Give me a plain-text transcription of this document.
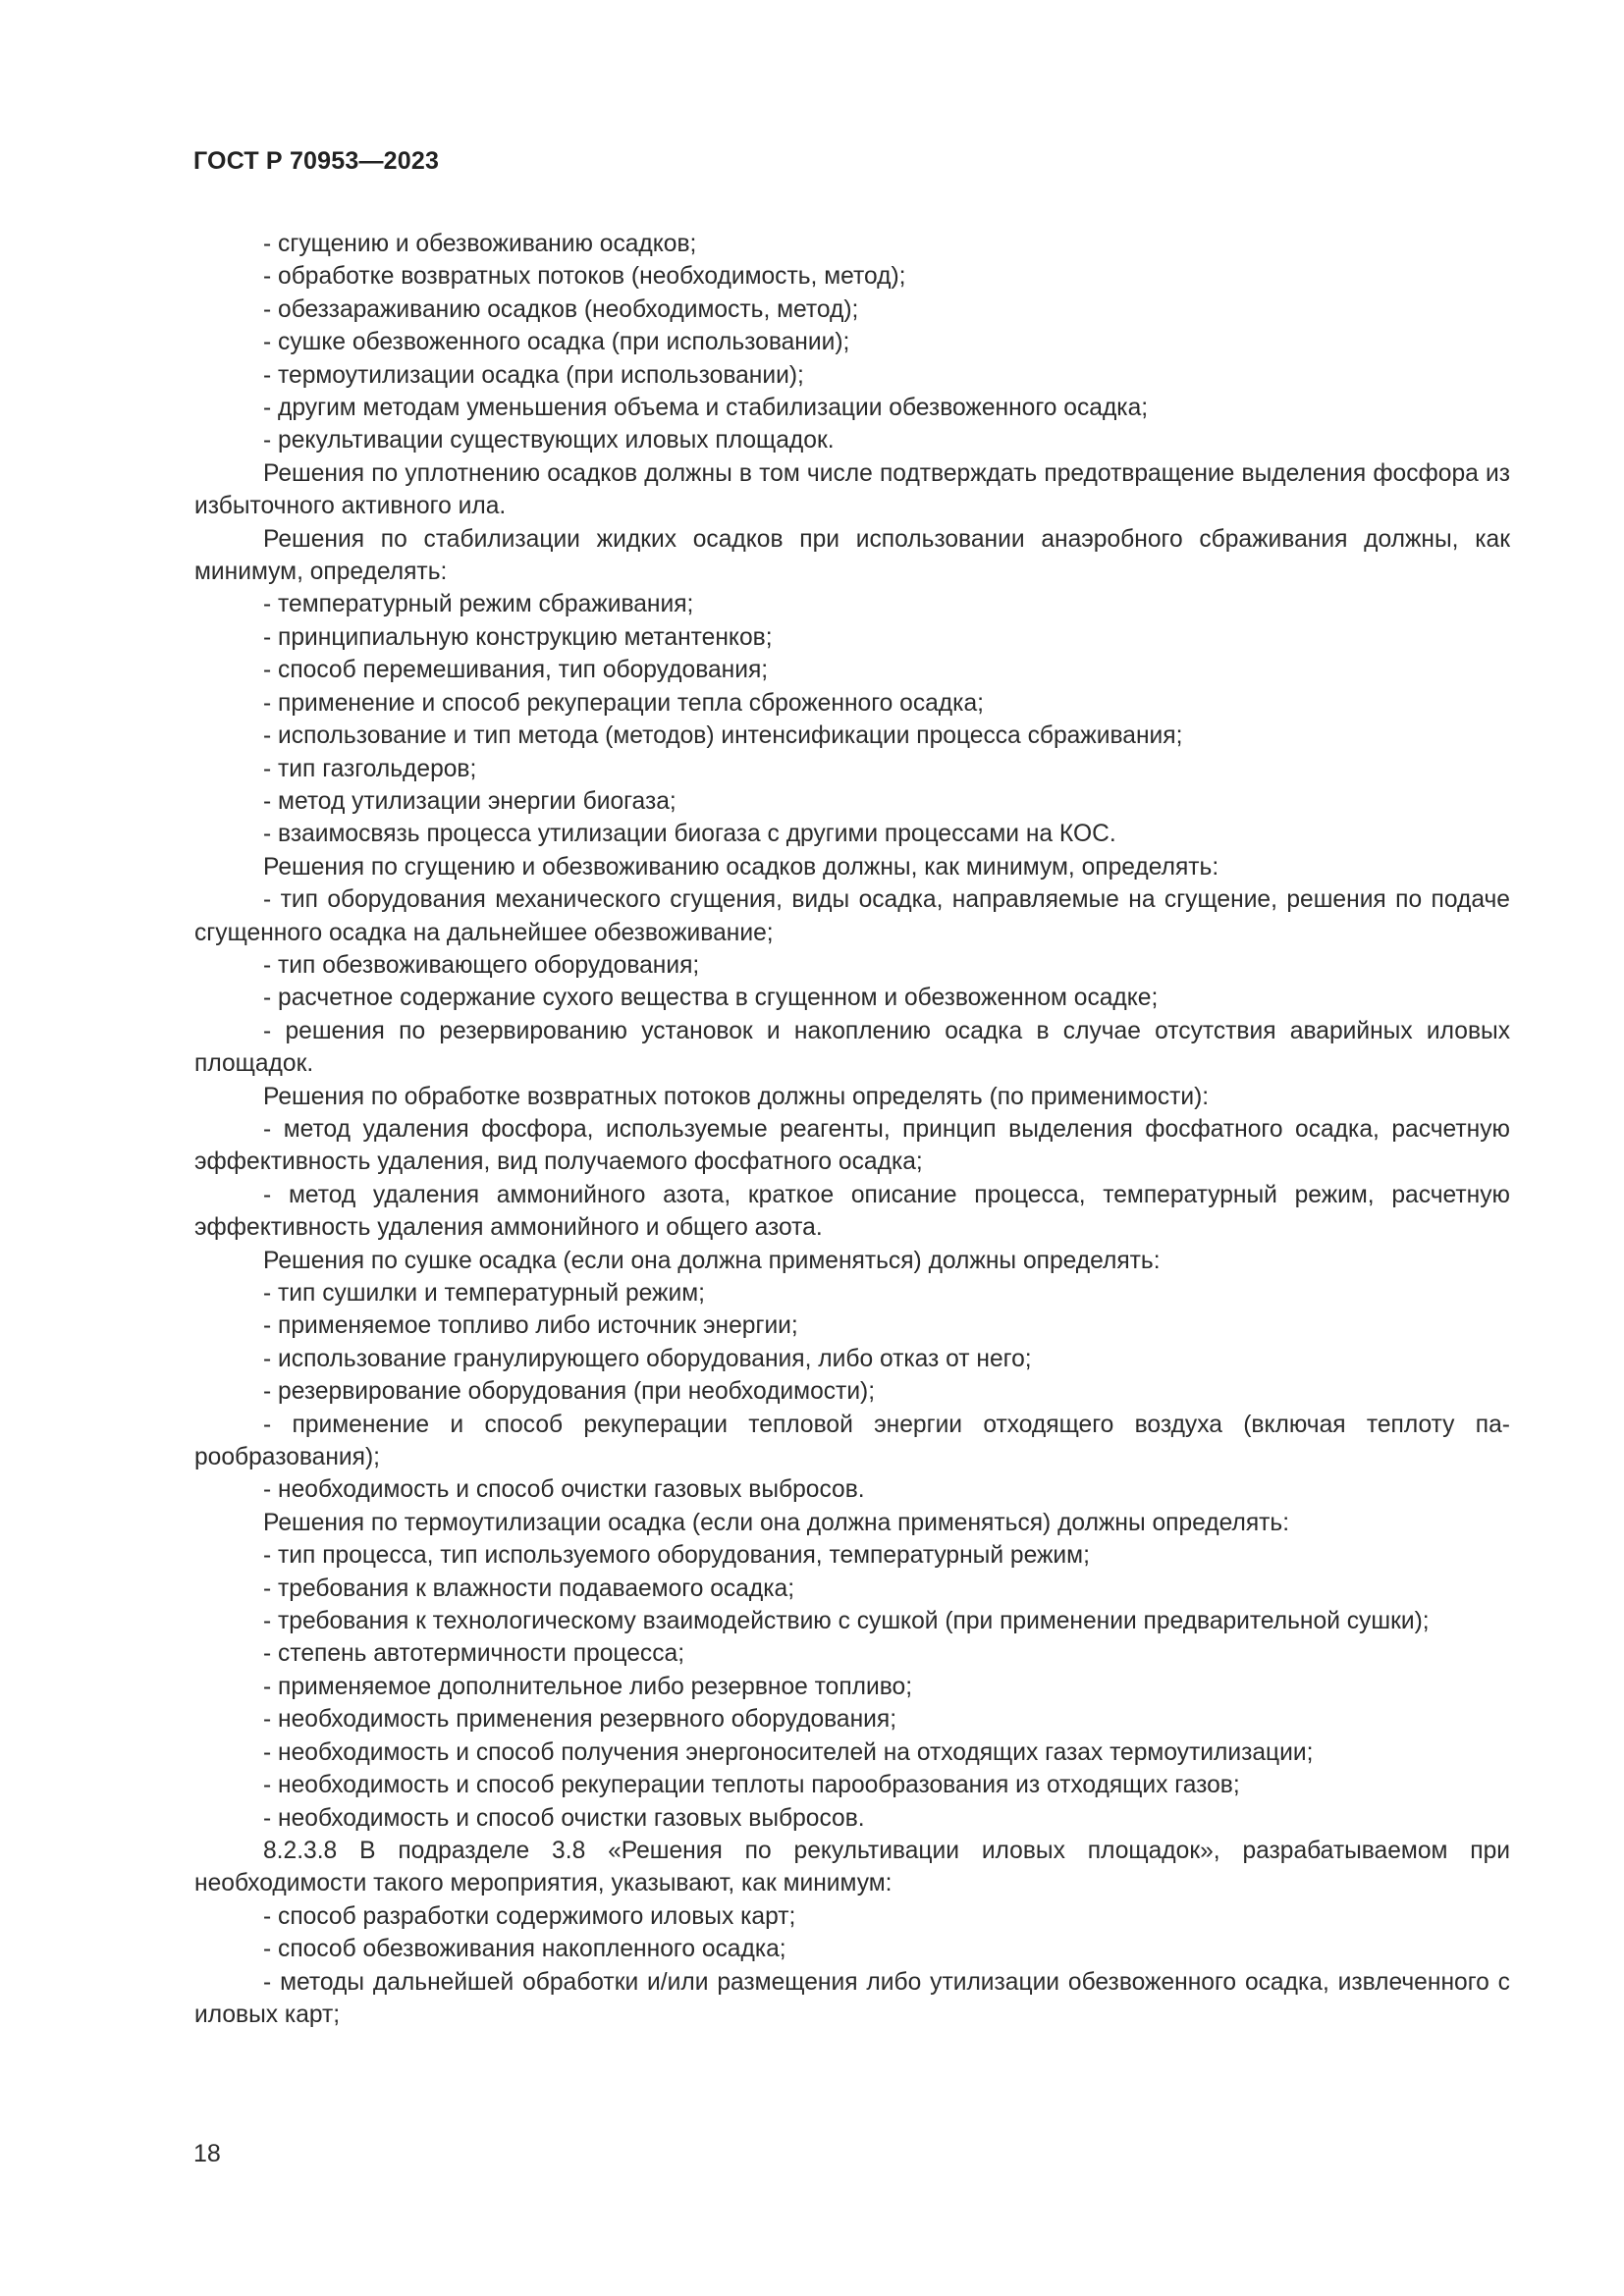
ГОСТ Р 70953—2023

- сгущению и обезвоживанию осадков;

- обработке возвратных потоков (необходимость, метод);

- обеззараживанию осадков (необходимость, метод);

- сушке обезвоженного осадка (при использовании);

- термоутилизации осадка (при использовании);

- другим методам уменьшения объема и стабилизации обезвоженного осадка;

- рекультивации существующих иловых площадок.

Решения по уплотнению осадков должны в том числе подтверждать предотвращение выделения фосфора из избыточного активного ила.

Решения по стабилизации жидких осадков при использовании анаэробного сбраживания должны, как минимум, определять:

- температурный режим сбраживания;

- принципиальную конструкцию метантенков;

- способ перемешивания, тип оборудования;

- применение и способ рекуперации тепла сброженного осадка;

- использование и тип метода (методов) интенсификации процесса сбраживания;

- тип газгольдеров;

- метод утилизации энергии биогаза;

- взаимосвязь процесса утилизации биогаза с другими процессами на КОС.

Решения по сгущению и обезвоживанию осадков должны, как минимум, определять:

- тип оборудования механического сгущения, виды осадка, направляемые на сгущение, решения по подаче сгущенного осадка на дальнейшее обезвоживание;

- тип обезвоживающего оборудования;

- расчетное содержание сухого вещества в сгущенном и обезвоженном осадке;

- решения по резервированию установок и накоплению осадка в случае отсутствия аварийных иловых площадок.

Решения по обработке возвратных потоков должны определять (по применимости):

- метод удаления фосфора, используемые реагенты, принцип выделения фосфатного осадка, расчетную эффективность удаления, вид получаемого фосфатного осадка;

- метод удаления аммонийного азота, краткое описание процесса, температурный режим, расчетную эффективность удаления аммонийного и общего азота.

Решения по сушке осадка (если она должна применяться) должны определять:

- тип сушилки и температурный режим;

- применяемое топливо либо источник энергии;

- использование гранулирующего оборудования, либо отказ от него;

- резервирование оборудования (при необходимости);

- применение и способ рекуперации тепловой энергии отходящего воздуха (включая теплоту парообразования);

- необходимость и способ очистки газовых выбросов.

Решения по термоутилизации осадка (если она должна применяться) должны определять:

- тип процесса, тип используемого оборудования, температурный режим;

- требования к влажности подаваемого осадка;

- требования к технологическому взаимодействию с сушкой (при применении предварительной сушки);

- степень автотермичности процесса;

- применяемое дополнительное либо резервное топливо;

- необходимость применения резервного оборудования;

- необходимость и способ получения энергоносителей на отходящих газах термоутилизации;

- необходимость и способ рекуперации теплоты парообразования из отходящих газов;

- необходимость и способ очистки газовых выбросов.

8.2.3.8 В подразделе 3.8 «Решения по рекультивации иловых площадок», разрабатываемом при необходимости такого мероприятия, указывают, как минимум:

- способ разработки содержимого иловых карт;

- способ обезвоживания накопленного осадка;

- методы дальнейшей обработки и/или размещения либо утилизации обезвоженного осадка, извлеченного с иловых карт;

18
